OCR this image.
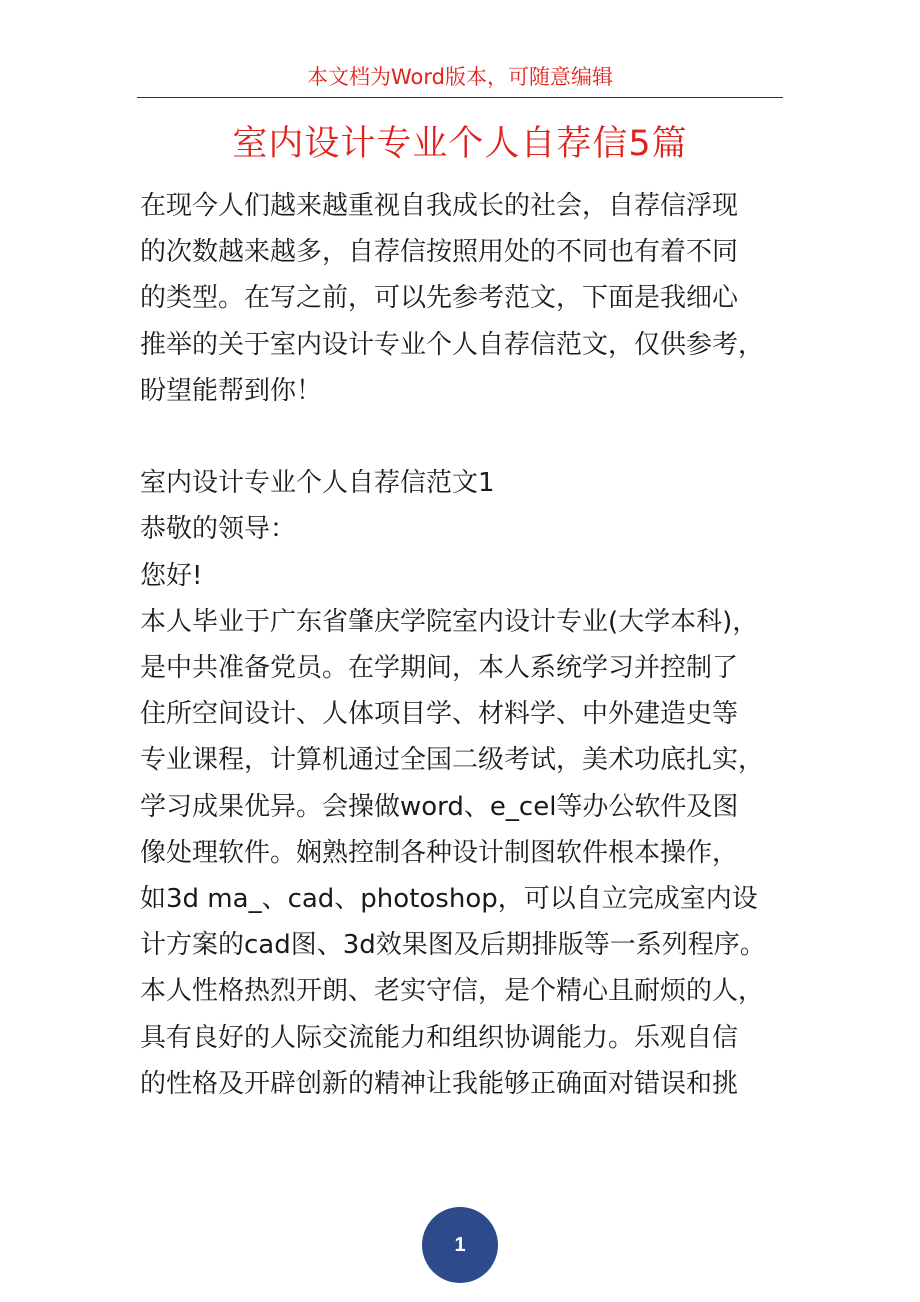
本文档为Word版本，可随意编辑
室内设计专业个人自荐信5篇

在现今人们越来越重视自我成长的社会，自荐信浮现

的次数越来越多，自荐信按照用处的不同也有着不同

的类型。在写之前，可以先参考范文，下面是我细心

推举的关于室内设计专业个人自荐信范文，仅供参考，

盼望能帮到你！

室内设计专业个人自荐信范文1

恭敬的领导：

您好!

本人毕业于广东省肇庆学院室内设计专业(大学本科)，

是中共准备党员。在学期间，本人系统学习并控制了

住所空间设计、人体项目学、材料学、中外建造史等

专业课程，计算机通过全国二级考试，美术功底扎实，

学习成果优异。会操做word、e_cel等办公软件及图

像处理软件。娴熟控制各种设计制图软件根本操作，

如3d ma_、cad、photoshop，可以自立完成室内设

计方案的cad图、3d效果图及后期排版等一系列程序。

本人性格热烈开朗、老实守信，是个精心且耐烦的人，

具有良好的人际交流能力和组织协调能力。乐观自信

的性格及开辟创新的精神让我能够正确面对错误和挑

1
